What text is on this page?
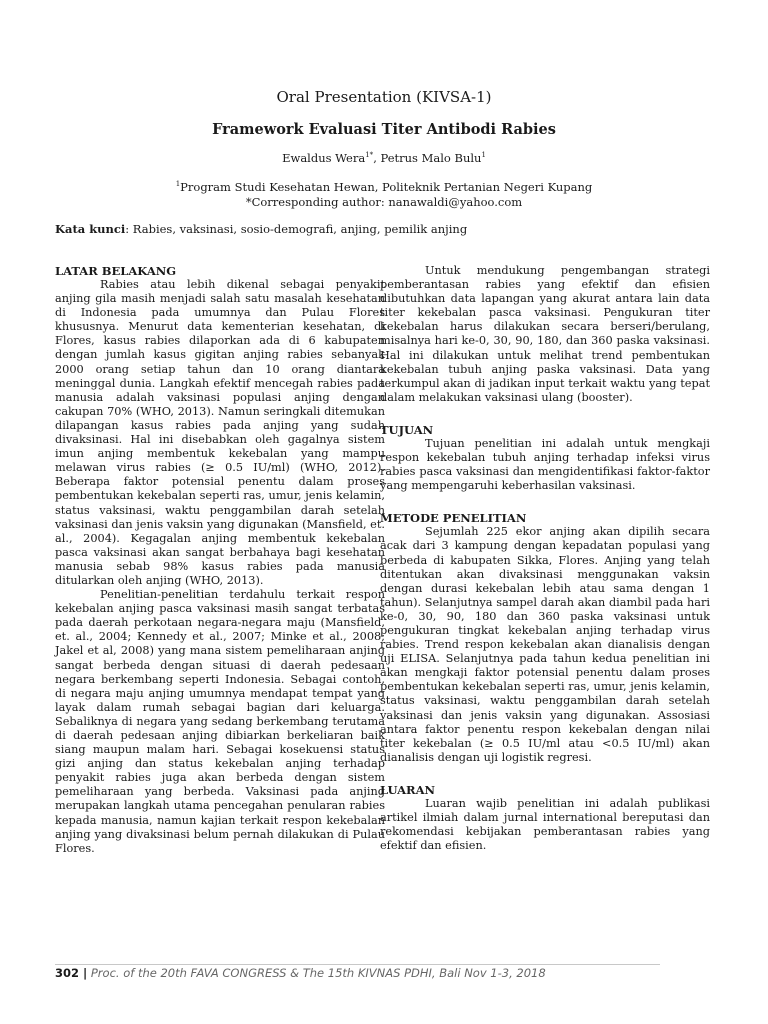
Oral Presentation (KIVSA-1)
Framework Evaluasi Titer Antibodi Rabies
Ewaldus Wera$^{1*}$, Petrus Malo Bulu$^1$
$^1$Program Studi Kesehatan Hewan, Politeknik Pertanian Negeri Kupang
*Corresponding author: nanawaldi@yahoo.com
Kata kunci: Rabies, vaksinasi, sosio-demografi, anjing, pemilik anjing
LATAR BELAKANG

Rabies atau lebih dikenal sebagai penyakit anjing gila masih menjadi salah satu masalah kesehatan di Indonesia pada umumnya dan Pulau Flores khususnya. Menurut data kementerian kesehatan, di Flores, kasus rabies dilaporkan ada di 6 kabupaten dengan jumlah kasus gigitan anjing rabies sebanyak 2000 orang setiap tahun dan 10 orang diantara meninggal dunia. Langkah efektif mencegah rabies pada manusia adalah vaksinasi populasi anjing dengan cakupan 70% (WHO, 2013). Namun seringkali ditemukan dilapangan kasus rabies pada anjing yang sudah divaksinasi. Hal ini disebabkan oleh gagalnya sistem imun anjing membentuk kekebalan yang mampu melawan virus rabies (≥ 0.5 IU/ml) (WHO, 2012). Beberapa faktor potensial penentu dalam proses pembentukan kekebalan seperti ras, umur, jenis kelamin, status vaksinasi, waktu penggambilan darah setelah vaksinasi dan jenis vaksin yang digunakan (Mansfield, et. al., 2004). Kegagalan anjing membentuk kekebalan pasca vaksinasi akan sangat berbahaya bagi kesehatan manusia sebab 98% kasus rabies pada manusia ditularkan oleh anjing (WHO, 2013).

Penelitian-penelitian terdahulu terkait respon kekebalan anjing pasca vaksinasi masih sangat terbatas pada daerah perkotaan negara-negara maju (Mansfield, et. al., 2004; Kennedy et al., 2007; Minke et al., 2008; Jakel et al, 2008) yang mana sistem pemeliharaan anjing sangat berbeda dengan situasi di daerah pedesaan negara berkembang seperti Indonesia. Sebagai contoh, di negara maju anjing umumnya mendapat tempat yang layak dalam rumah sebagai bagian dari keluarga. Sebaliknya di negara yang sedang berkembang terutama di daerah pedesaan anjing dibiarkan berkeliaran baik siang maupun malam hari. Sebagai kosekuensi status gizi anjing dan status kekebalan anjing terhadap penyakit rabies juga akan berbeda dengan sistem pemeliharaan yang berbeda. Vaksinasi pada anjing merupakan langkah utama pencegahan penularan rabies kepada manusia, namun kajian terkait respon kekebalan anjing yang divaksinasi belum pernah dilakukan di Pulau Flores.

Untuk mendukung pengembangan strategi pemberantasan rabies yang efektif dan efisien dibutuhkan data lapangan yang akurat antara lain data titer kekebalan pasca vaksinasi. Pengukuran titer kekebalan harus dilakukan secara berseri/berulang, misalnya hari ke-0, 30, 90, 180, dan 360 paska vaksinasi. Hal ini dilakukan untuk melihat trend pembentukan kekebalan tubuh anjing paska vaksinasi. Data yang terkumpul akan di jadikan input terkait waktu yang tepat dalam melakukan vaksinasi ulang (booster).

TUJUAN

Tujuan penelitian ini adalah untuk mengkaji respon kekebalan tubuh anjing terhadap infeksi virus rabies pasca vaksinasi dan mengidentifikasi faktor-faktor yang mempengaruhi keberhasilan vaksinasi.

METODE PENELITIAN

Sejumlah 225 ekor anjing akan dipilih secara acak dari 3 kampung dengan kepadatan populasi yang berbeda di kabupaten Sikka, Flores. Anjing yang telah ditentukan akan divaksinasi menggunakan vaksin dengan durasi kekebalan lebih atau sama dengan 1 tahun). Selanjutnya sampel darah akan diambil pada hari ke-0, 30, 90, 180 dan 360 paska vaksinasi untuk pengukuran tingkat kekebalan anjing terhadap virus rabies. Trend respon kekebalan akan dianalisis dengan uji ELISA. Selanjutnya pada tahun kedua penelitian ini akan mengkaji faktor potensial penentu dalam proses pembentukan kekebalan seperti ras, umur, jenis kelamin, status vaksinasi, waktu penggambilan darah setelah vaksinasi dan jenis vaksin yang digunakan. Assosiasi antara faktor penentu respon kekebalan dengan nilai titer kekebalan (≥ 0.5 IU/ml atau <0.5 IU/ml) akan dianalisis dengan uji logistik regresi.

LUARAN

Luaran wajib penelitian ini adalah publikasi artikel ilmiah dalam jurnal international bereputasi dan rekomendasi kebijakan pemberantasan rabies yang efektif dan efisien.

302 | Proc. of the 20th FAVA CONGRESS & The 15th KIVNAS PDHI, Bali Nov 1-3, 2018
